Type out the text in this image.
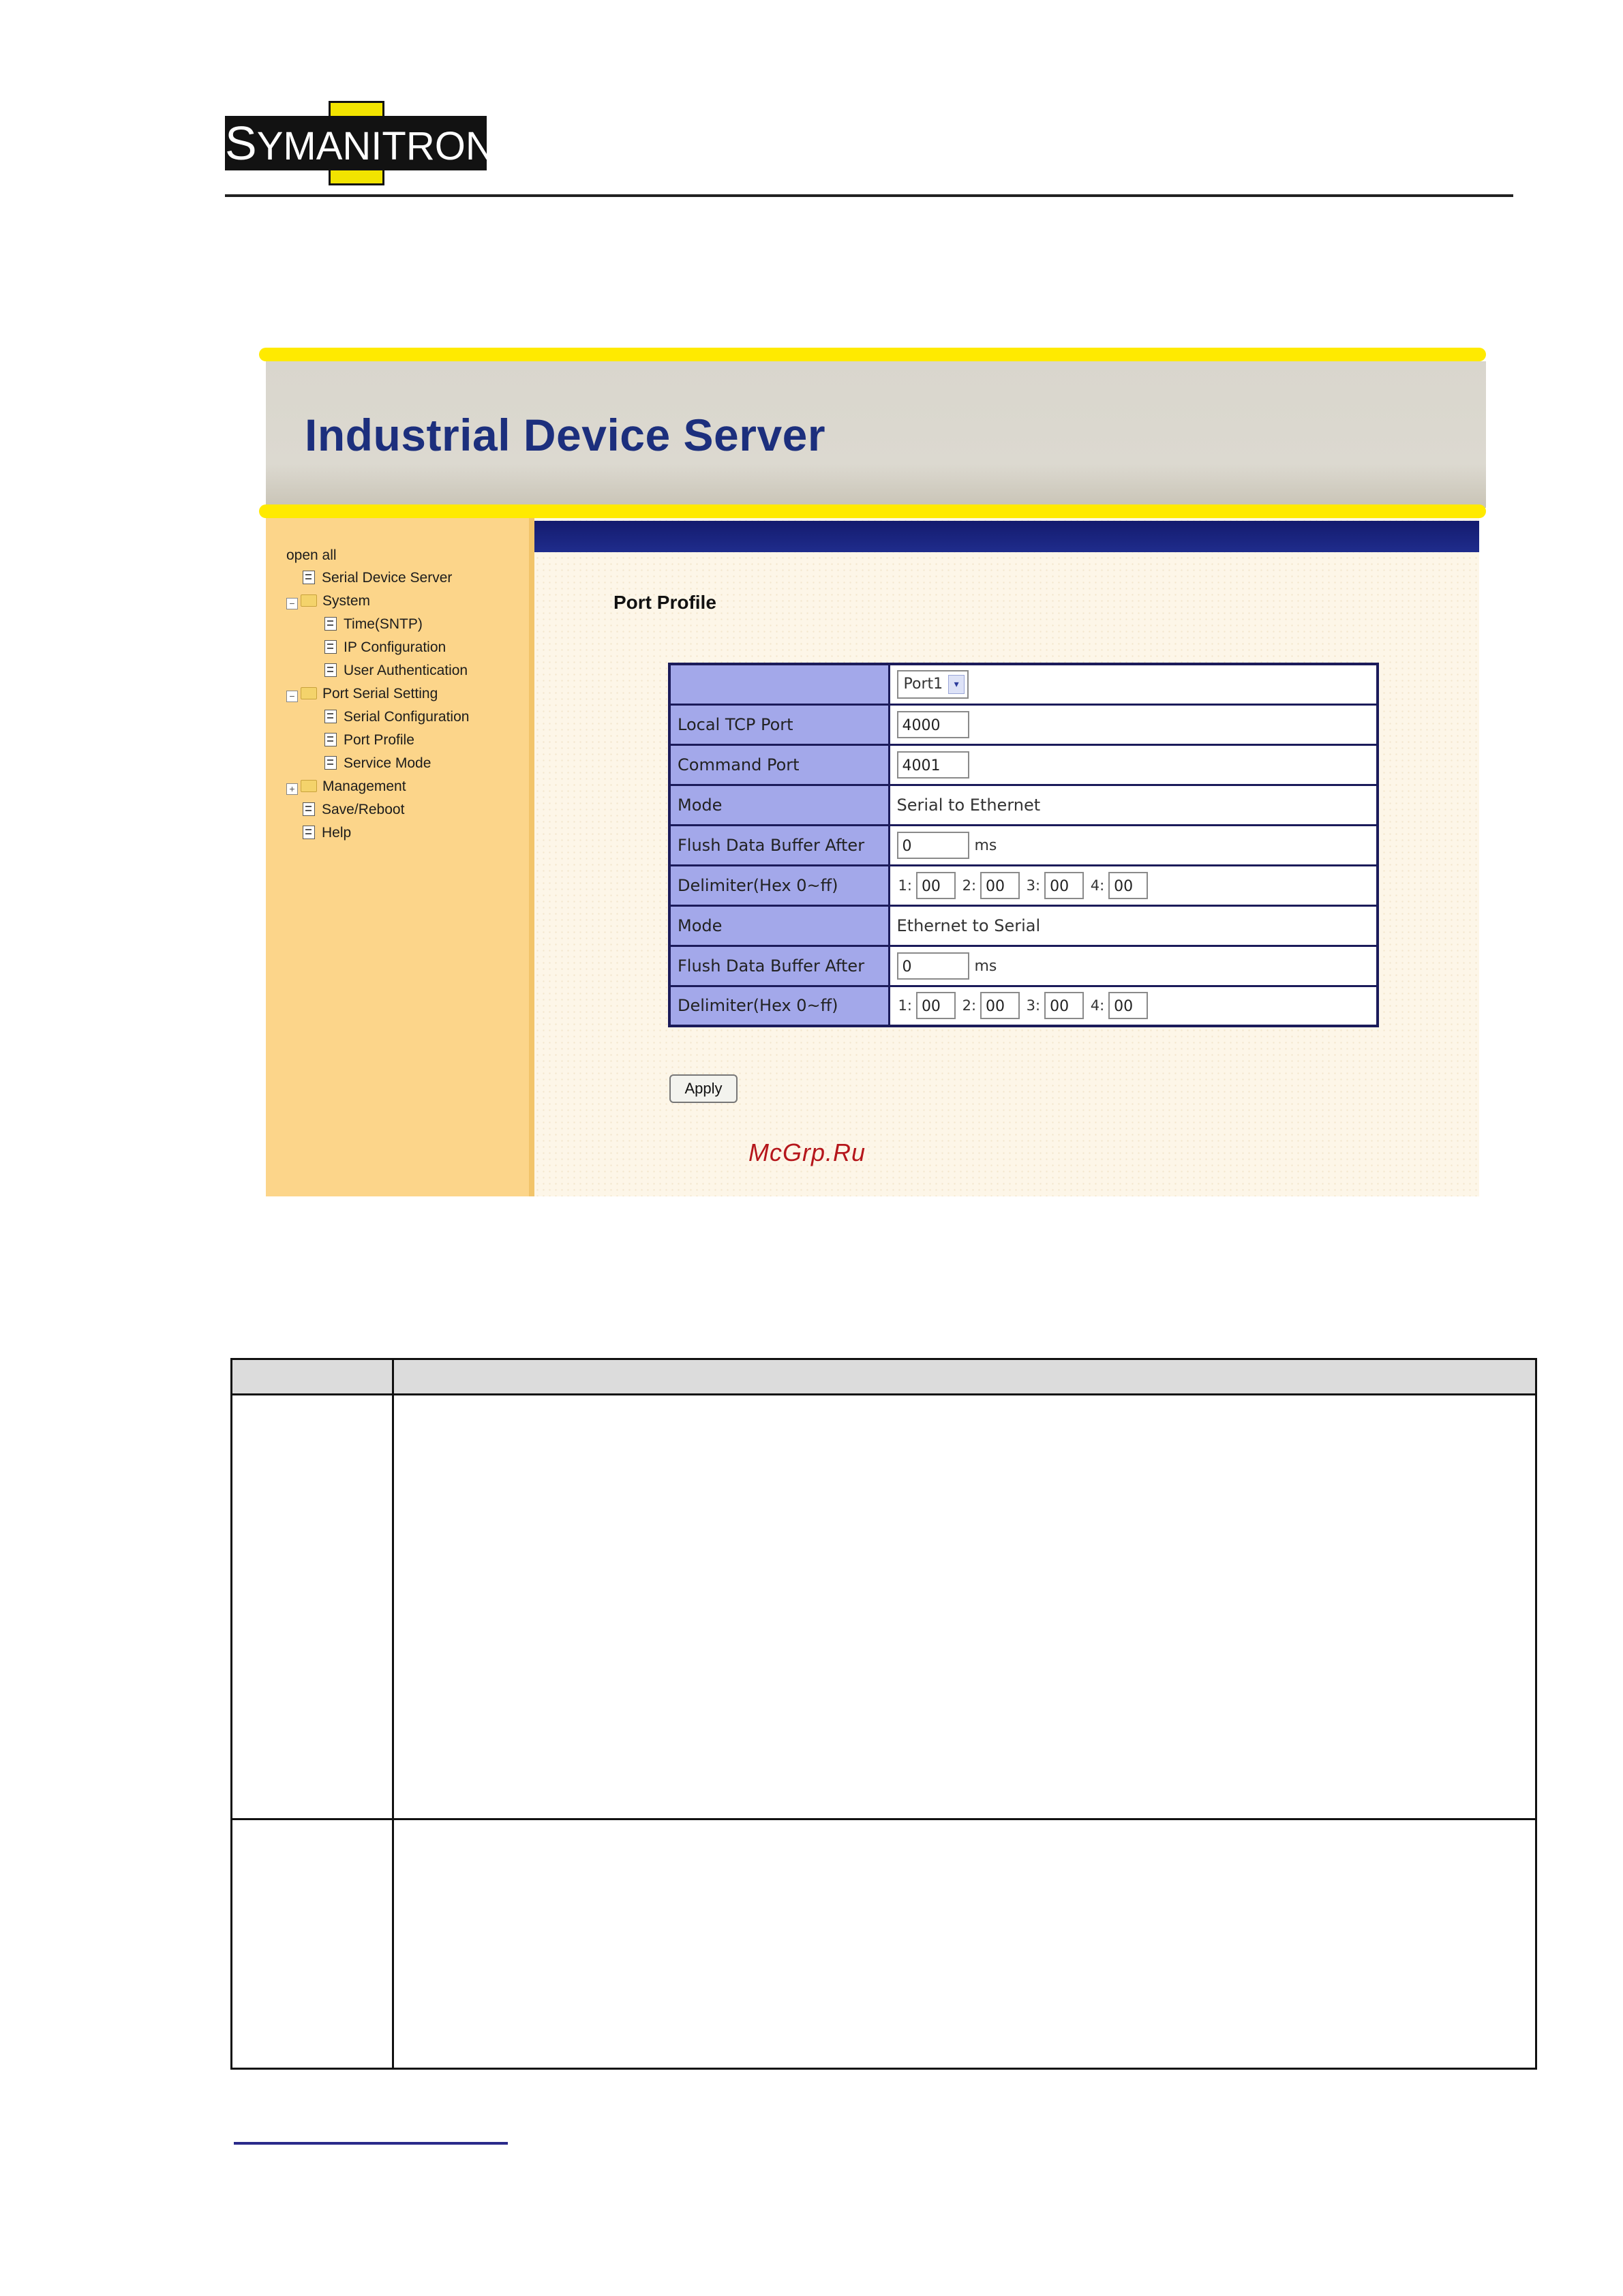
SYMANITRON
Industrial Device Server
open all
Serial Device Server
− System
Time(SNTP)
IP Configuration
User Authentication
− Port Serial Setting
Serial Configuration
Port Profile
Service Mode
+ Management
Save/Reboot
Help
Port Profile

	Port1 ▾

Local TCP Port	4000
Command Port	4001
Mode	Serial to Ethernet
Flush Data Buffer After	0 ms
Delimiter(Hex 0~ff)	1: 00 2: 00 3: 00 4: 00
Mode	Ethernet to Serial
Flush Data Buffer After	0 ms
Delimiter(Hex 0~ff)	1: 00 2: 00 3: 00 4: 00
Apply
McGrp.Ru
